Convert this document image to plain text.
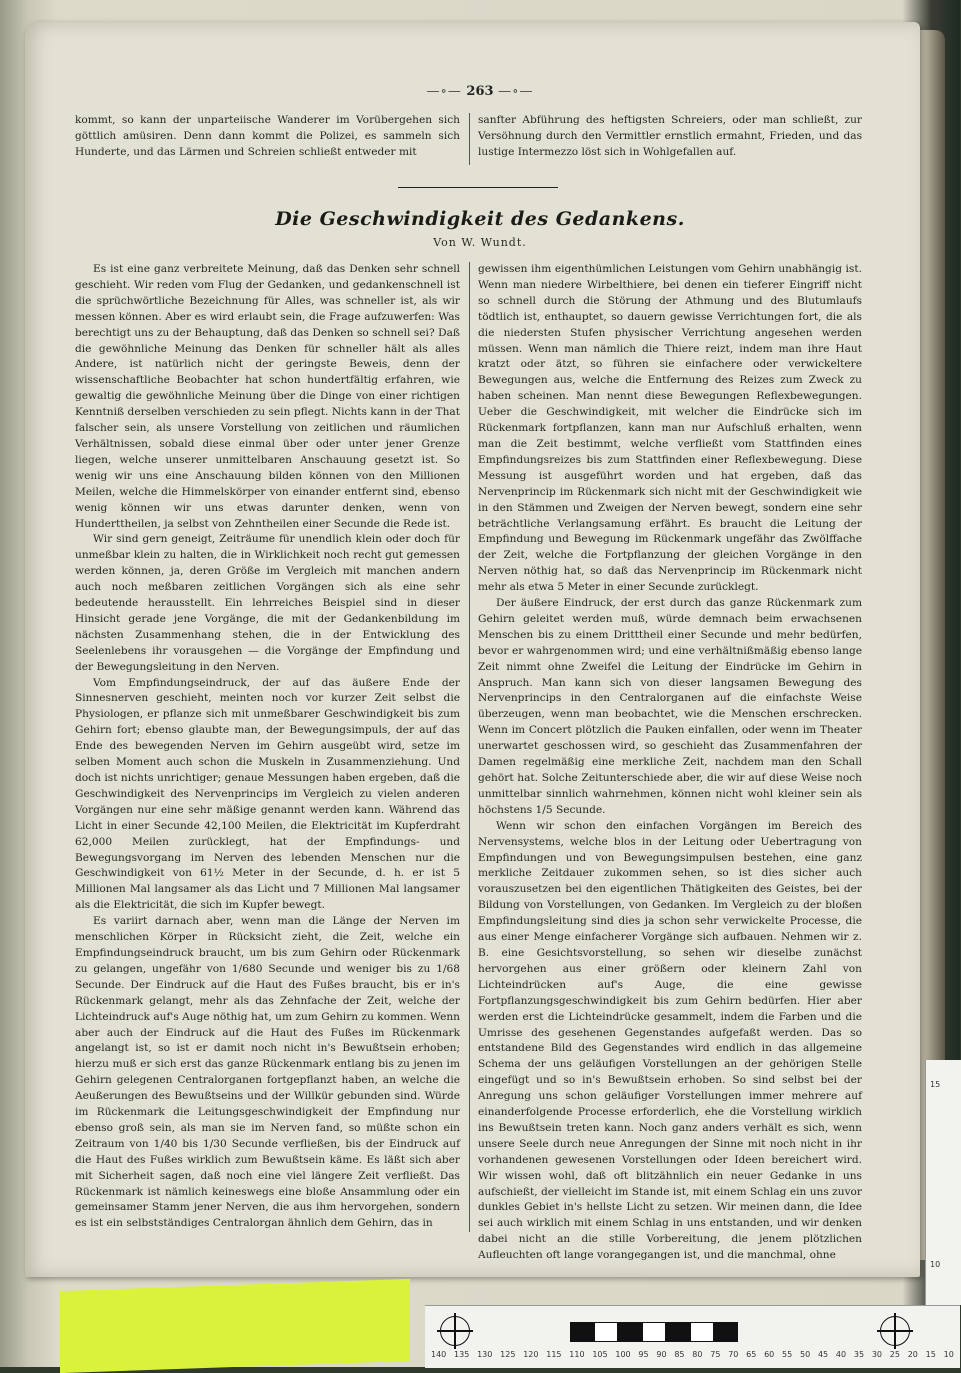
—∘— 263 —∘—

kommt, so kann der unparteiische Wanderer im Vorübergehen sich göttlich amüsiren. Denn dann kommt die Polizei, es sammeln sich Hunderte, und das Lärmen und Schreien schließt entweder mit

sanfter Abführung des heftigsten Schreiers, oder man schließt, zur Versöhnung durch den Vermittler ernstlich ermahnt, Frieden, und das lustige Intermezzo löst sich in Wohlgefallen auf.

Die Geschwindigkeit des Gedankens.
Von W. Wundt.

Es ist eine ganz verbreitete Meinung, daß das Denken sehr schnell geschieht. Wir reden vom Flug der Gedanken, und gedankenschnell ist die sprüchwörtliche Bezeichnung für Alles, was schneller ist, als wir messen können. Aber es wird erlaubt sein, die Frage aufzuwerfen: Was berechtigt uns zu der Behauptung, daß das Denken so schnell sei? Daß die gewöhnliche Meinung das Denken für schneller hält als alles Andere, ist natürlich nicht der geringste Beweis, denn der wissenschaftliche Beobachter hat schon hundertfältig erfahren, wie gewaltig die gewöhnliche Meinung über die Dinge von einer richtigen Kenntniß derselben verschieden zu sein pflegt. Nichts kann in der That falscher sein, als unsere Vorstellung von zeitlichen und räumlichen Verhältnissen, sobald diese einmal über oder unter jener Grenze liegen, welche unserer unmittelbaren Anschauung gesetzt ist. So wenig wir uns eine Anschauung bilden können von den Millionen Meilen, welche die Himmelskörper von einander entfernt sind, ebenso wenig können wir uns etwas darunter denken, wenn von Hunderttheilen, ja selbst von Zehntheilen einer Secunde die Rede ist.

Wir sind gern geneigt, Zeiträume für unendlich klein oder doch für unmeßbar klein zu halten, die in Wirklichkeit noch recht gut gemessen werden können, ja, deren Größe im Vergleich mit manchen andern auch noch meßbaren zeitlichen Vorgängen sich als eine sehr bedeutende herausstellt. Ein lehrreiches Beispiel sind in dieser Hinsicht gerade jene Vorgänge, die mit der Gedankenbildung im nächsten Zusammenhang stehen, die in der Entwicklung des Seelenlebens ihr vorausgehen — die Vorgänge der Empfindung und der Bewegungsleitung in den Nerven.

Vom Empfindungseindruck, der auf das äußere Ende der Sinnesnerven geschieht, meinten noch vor kurzer Zeit selbst die Physiologen, er pflanze sich mit unmeßbarer Geschwindigkeit bis zum Gehirn fort; ebenso glaubte man, der Bewegungsimpuls, der auf das Ende des bewegenden Nerven im Gehirn ausgeübt wird, setze im selben Moment auch schon die Muskeln in Zusammenziehung. Und doch ist nichts unrichtiger; genaue Messungen haben ergeben, daß die Geschwindigkeit des Nervenprincips im Vergleich zu vielen anderen Vorgängen nur eine sehr mäßige genannt werden kann. Während das Licht in einer Secunde 42,100 Meilen, die Elektricität im Kupferdraht 62,000 Meilen zurücklegt, hat der Empfindungs- und Bewegungsvorgang im Nerven des lebenden Menschen nur die Geschwindigkeit von 61½ Meter in der Secunde, d. h. er ist 5 Millionen Mal langsamer als das Licht und 7 Millionen Mal langsamer als die Elektricität, die sich im Kupfer bewegt.

Es variirt darnach aber, wenn man die Länge der Nerven im menschlichen Körper in Rücksicht zieht, die Zeit, welche ein Empfindungseindruck braucht, um bis zum Gehirn oder Rückenmark zu gelangen, ungefähr von 1/680 Secunde und weniger bis zu 1/68 Secunde. Der Eindruck auf die Haut des Fußes braucht, bis er in's Rückenmark gelangt, mehr als das Zehnfache der Zeit, welche der Lichteindruck auf's Auge nöthig hat, um zum Gehirn zu kommen. Wenn aber auch der Eindruck auf die Haut des Fußes im Rückenmark angelangt ist, so ist er damit noch nicht in's Bewußtsein erhoben; hierzu muß er sich erst das ganze Rückenmark entlang bis zu jenen im Gehirn gelegenen Centralorganen fortgepflanzt haben, an welche die Aeußerungen des Bewußtseins und der Willkür gebunden sind. Würde im Rückenmark die Leitungsgeschwindigkeit der Empfindung nur ebenso groß sein, als man sie im Nerven fand, so müßte schon ein Zeitraum von 1/40 bis 1/30 Secunde verfließen, bis der Eindruck auf die Haut des Fußes wirklich zum Bewußtsein käme. Es läßt sich aber mit Sicherheit sagen, daß noch eine viel längere Zeit verfließt. Das Rückenmark ist nämlich keineswegs eine bloße Ansammlung oder ein gemeinsamer Stamm jener Nerven, die aus ihm hervorgehen, sondern es ist ein selbstständiges Centralorgan ähnlich dem Gehirn, das in

gewissen ihm eigenthümlichen Leistungen vom Gehirn unabhängig ist. Wenn man niedere Wirbelthiere, bei denen ein tieferer Eingriff nicht so schnell durch die Störung der Athmung und des Blutumlaufs tödtlich ist, enthauptet, so dauern gewisse Verrichtungen fort, die als die niedersten Stufen physischer Verrichtung angesehen werden müssen. Wenn man nämlich die Thiere reizt, indem man ihre Haut kratzt oder ätzt, so führen sie einfachere oder verwickeltere Bewegungen aus, welche die Entfernung des Reizes zum Zweck zu haben scheinen. Man nennt diese Bewegungen Reflexbewegungen. Ueber die Geschwindigkeit, mit welcher die Eindrücke sich im Rückenmark fortpflanzen, kann man nur Aufschluß erhalten, wenn man die Zeit bestimmt, welche verfließt vom Stattfinden eines Empfindungsreizes bis zum Stattfinden einer Reflexbewegung. Diese Messung ist ausgeführt worden und hat ergeben, daß das Nervenprincip im Rückenmark sich nicht mit der Geschwindigkeit wie in den Stämmen und Zweigen der Nerven bewegt, sondern eine sehr beträchtliche Verlangsamung erfährt. Es braucht die Leitung der Empfindung und Bewegung im Rückenmark ungefähr das Zwölffache der Zeit, welche die Fortpflanzung der gleichen Vorgänge in den Nerven nöthig hat, so daß das Nervenprincip im Rückenmark nicht mehr als etwa 5 Meter in einer Secunde zurücklegt.

Der äußere Eindruck, der erst durch das ganze Rückenmark zum Gehirn geleitet werden muß, würde demnach beim erwachsenen Menschen bis zu einem Dritttheil einer Secunde und mehr bedürfen, bevor er wahrgenommen wird; und eine verhältnißmäßig ebenso lange Zeit nimmt ohne Zweifel die Leitung der Eindrücke im Gehirn in Anspruch. Man kann sich von dieser langsamen Bewegung des Nervenprincips in den Centralorganen auf die einfachste Weise überzeugen, wenn man beobachtet, wie die Menschen erschrecken. Wenn im Concert plötzlich die Pauken einfallen, oder wenn im Theater unerwartet geschossen wird, so geschieht das Zusammenfahren der Damen regelmäßig eine merkliche Zeit, nachdem man den Schall gehört hat. Solche Zeitunterschiede aber, die wir auf diese Weise noch unmittelbar sinnlich wahrnehmen, können nicht wohl kleiner sein als höchstens 1/5 Secunde.

Wenn wir schon den einfachen Vorgängen im Bereich des Nervensystems, welche blos in der Leitung oder Uebertragung von Empfindungen und von Bewegungsimpulsen bestehen, eine ganz merkliche Zeitdauer zukommen sehen, so ist dies sicher auch vorauszusetzen bei den eigentlichen Thätigkeiten des Geistes, bei der Bildung von Vorstellungen, von Gedanken. Im Vergleich zu der bloßen Empfindungsleitung sind dies ja schon sehr verwickelte Processe, die aus einer Menge einfacherer Vorgänge sich aufbauen. Nehmen wir z. B. eine Gesichtsvorstellung, so sehen wir dieselbe zunächst hervorgehen aus einer größern oder kleinern Zahl von Lichteindrücken auf's Auge, die eine gewisse Fortpflanzungsgeschwindigkeit bis zum Gehirn bedürfen. Hier aber werden erst die Lichteindrücke gesammelt, indem die Farben und die Umrisse des gesehenen Gegenstandes aufgefaßt werden. Das so entstandene Bild des Gegenstandes wird endlich in das allgemeine Schema der uns geläufigen Vorstellungen an der gehörigen Stelle eingefügt und so in's Bewußtsein erhoben. So sind selbst bei der Anregung uns schon geläufiger Vorstellungen immer mehrere auf einanderfolgende Processe erforderlich, ehe die Vorstellung wirklich ins Bewußtsein treten kann. Noch ganz anders verhält es sich, wenn unsere Seele durch neue Anregungen der Sinne mit noch nicht in ihr vorhandenen gewesenen Vorstellungen oder Ideen bereichert wird. Wir wissen wohl, daß oft blitzähnlich ein neuer Gedanke in uns aufschießt, der vielleicht im Stande ist, mit einem Schlag ein uns zuvor dunkles Gebiet in's hellste Licht zu setzen. Wir meinen dann, die Idee sei auch wirklich mit einem Schlag in uns entstanden, und wir denken dabei nicht an die stille Vorbereitung, die jenem plötzlichen Aufleuchten oft lange vorangegangen ist, und die manchmal, ohne

15
10
140 135 130 125 120 115 110 105 100 95 90 85 80 75 70 65 60 55 50 45 40 35 30 25 20 15 10
